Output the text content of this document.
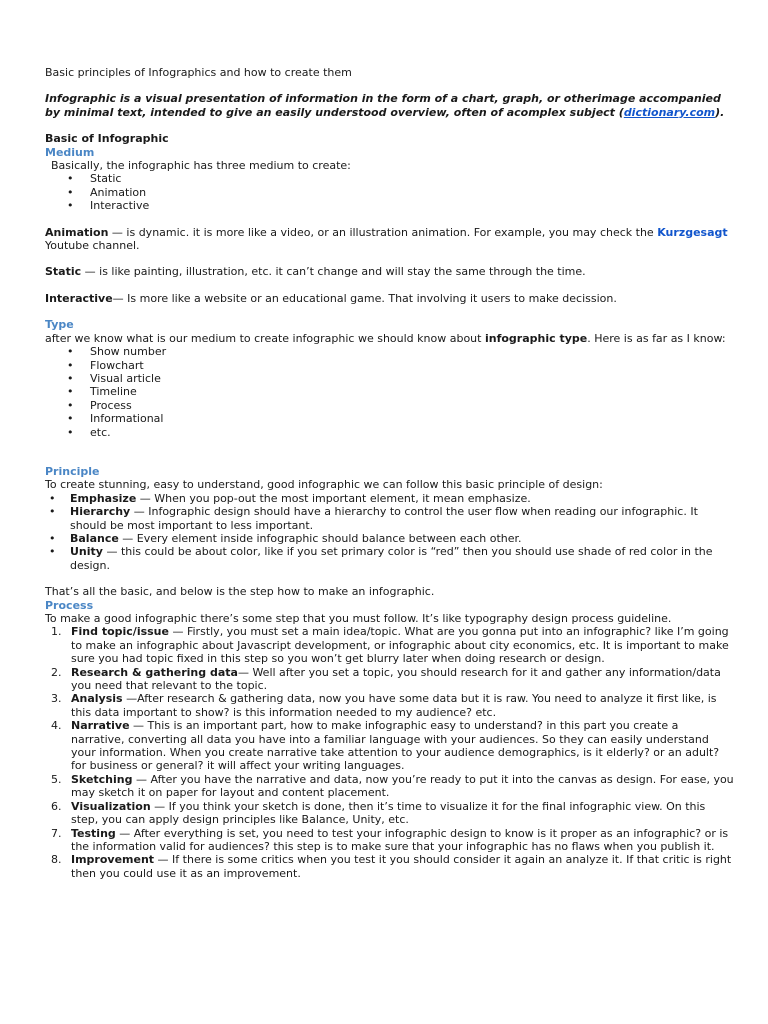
Basic principles of Infographics and how to create them

Infographic is a visual presentation of information in the form of a chart, graph, or otherimage accompanied by minimal text, intended to give an easily understood overview, often of acomplex subject (dictionary.com).

Basic of Infographic

Medium

Basically, the infographic has three medium to create:

• Static
• Animation
• Interactive

Animation — is dynamic. it is more like a video, or an illustration animation. For example, you may check the Kurzgesagt Youtube channel.

Static — is like painting, illustration, etc. it can’t change and will stay the same through the time.

Interactive— Is more like a website or an educational game. That involving it users to make decission.

Type

after we know what is our medium to create infographic we should know about infographic type. Here is as far as I know:

• Show number
• Flowchart
• Visual article
• Timeline
• Process
• Informational
• etc.

Principle

To create stunning, easy to understand, good infographic we can follow this basic principle of design:

• Emphasize — When you pop-out the most important element, it mean emphasize.
• Hierarchy — Infographic design should have a hierarchy to control the user flow when reading our infographic. It should be most important to less important.
• Balance — Every element inside infographic should balance between each other.
• Unity — this could be about color, like if you set primary color is “red” then you should use shade of red color in the design.

That’s all the basic, and below is the step how to make an infographic.

Process

To make a good infographic there’s some step that you must follow. It’s like typography design process guideline.

1. Find topic/issue — Firstly, you must set a main idea/topic. What are you gonna put into an infographic? like I’m going to make an infographic about Javascript development, or infographic about city economics, etc. It is important to make sure you had topic fixed in this step so you won’t get blurry later when doing research or design.
2. Research & gathering data— Well after you set a topic, you should research for it and gather any information/data you need that relevant to the topic.
3. Analysis —After research & gathering data, now you have some data but it is raw. You need to analyze it first like, is this data important to show? is this information needed to my audience? etc.
4. Narrative — This is an important part, how to make infographic easy to understand? in this part you create a narrative, converting all data you have into a familiar language with your audiences. So they can easily understand your information. When you create narrative take attention to your audience demographics, is it elderly? or an adult? for business or general? it will affect your writing languages.
5. Sketching — After you have the narrative and data, now you’re ready to put it into the canvas as design. For ease, you may sketch it on paper for layout and content placement.
6. Visualization — If you think your sketch is done, then it’s time to visualize it for the final infographic view. On this step, you can apply design principles like Balance, Unity, etc.
7. Testing — After everything is set, you need to test your infographic design to know is it proper as an infographic? or is the information valid for audiences? this step is to make sure that your infographic has no flaws when you publish it.
8. Improvement — If there is some critics when you test it you should consider it again an analyze it. If that critic is right then you could use it as an improvement.
